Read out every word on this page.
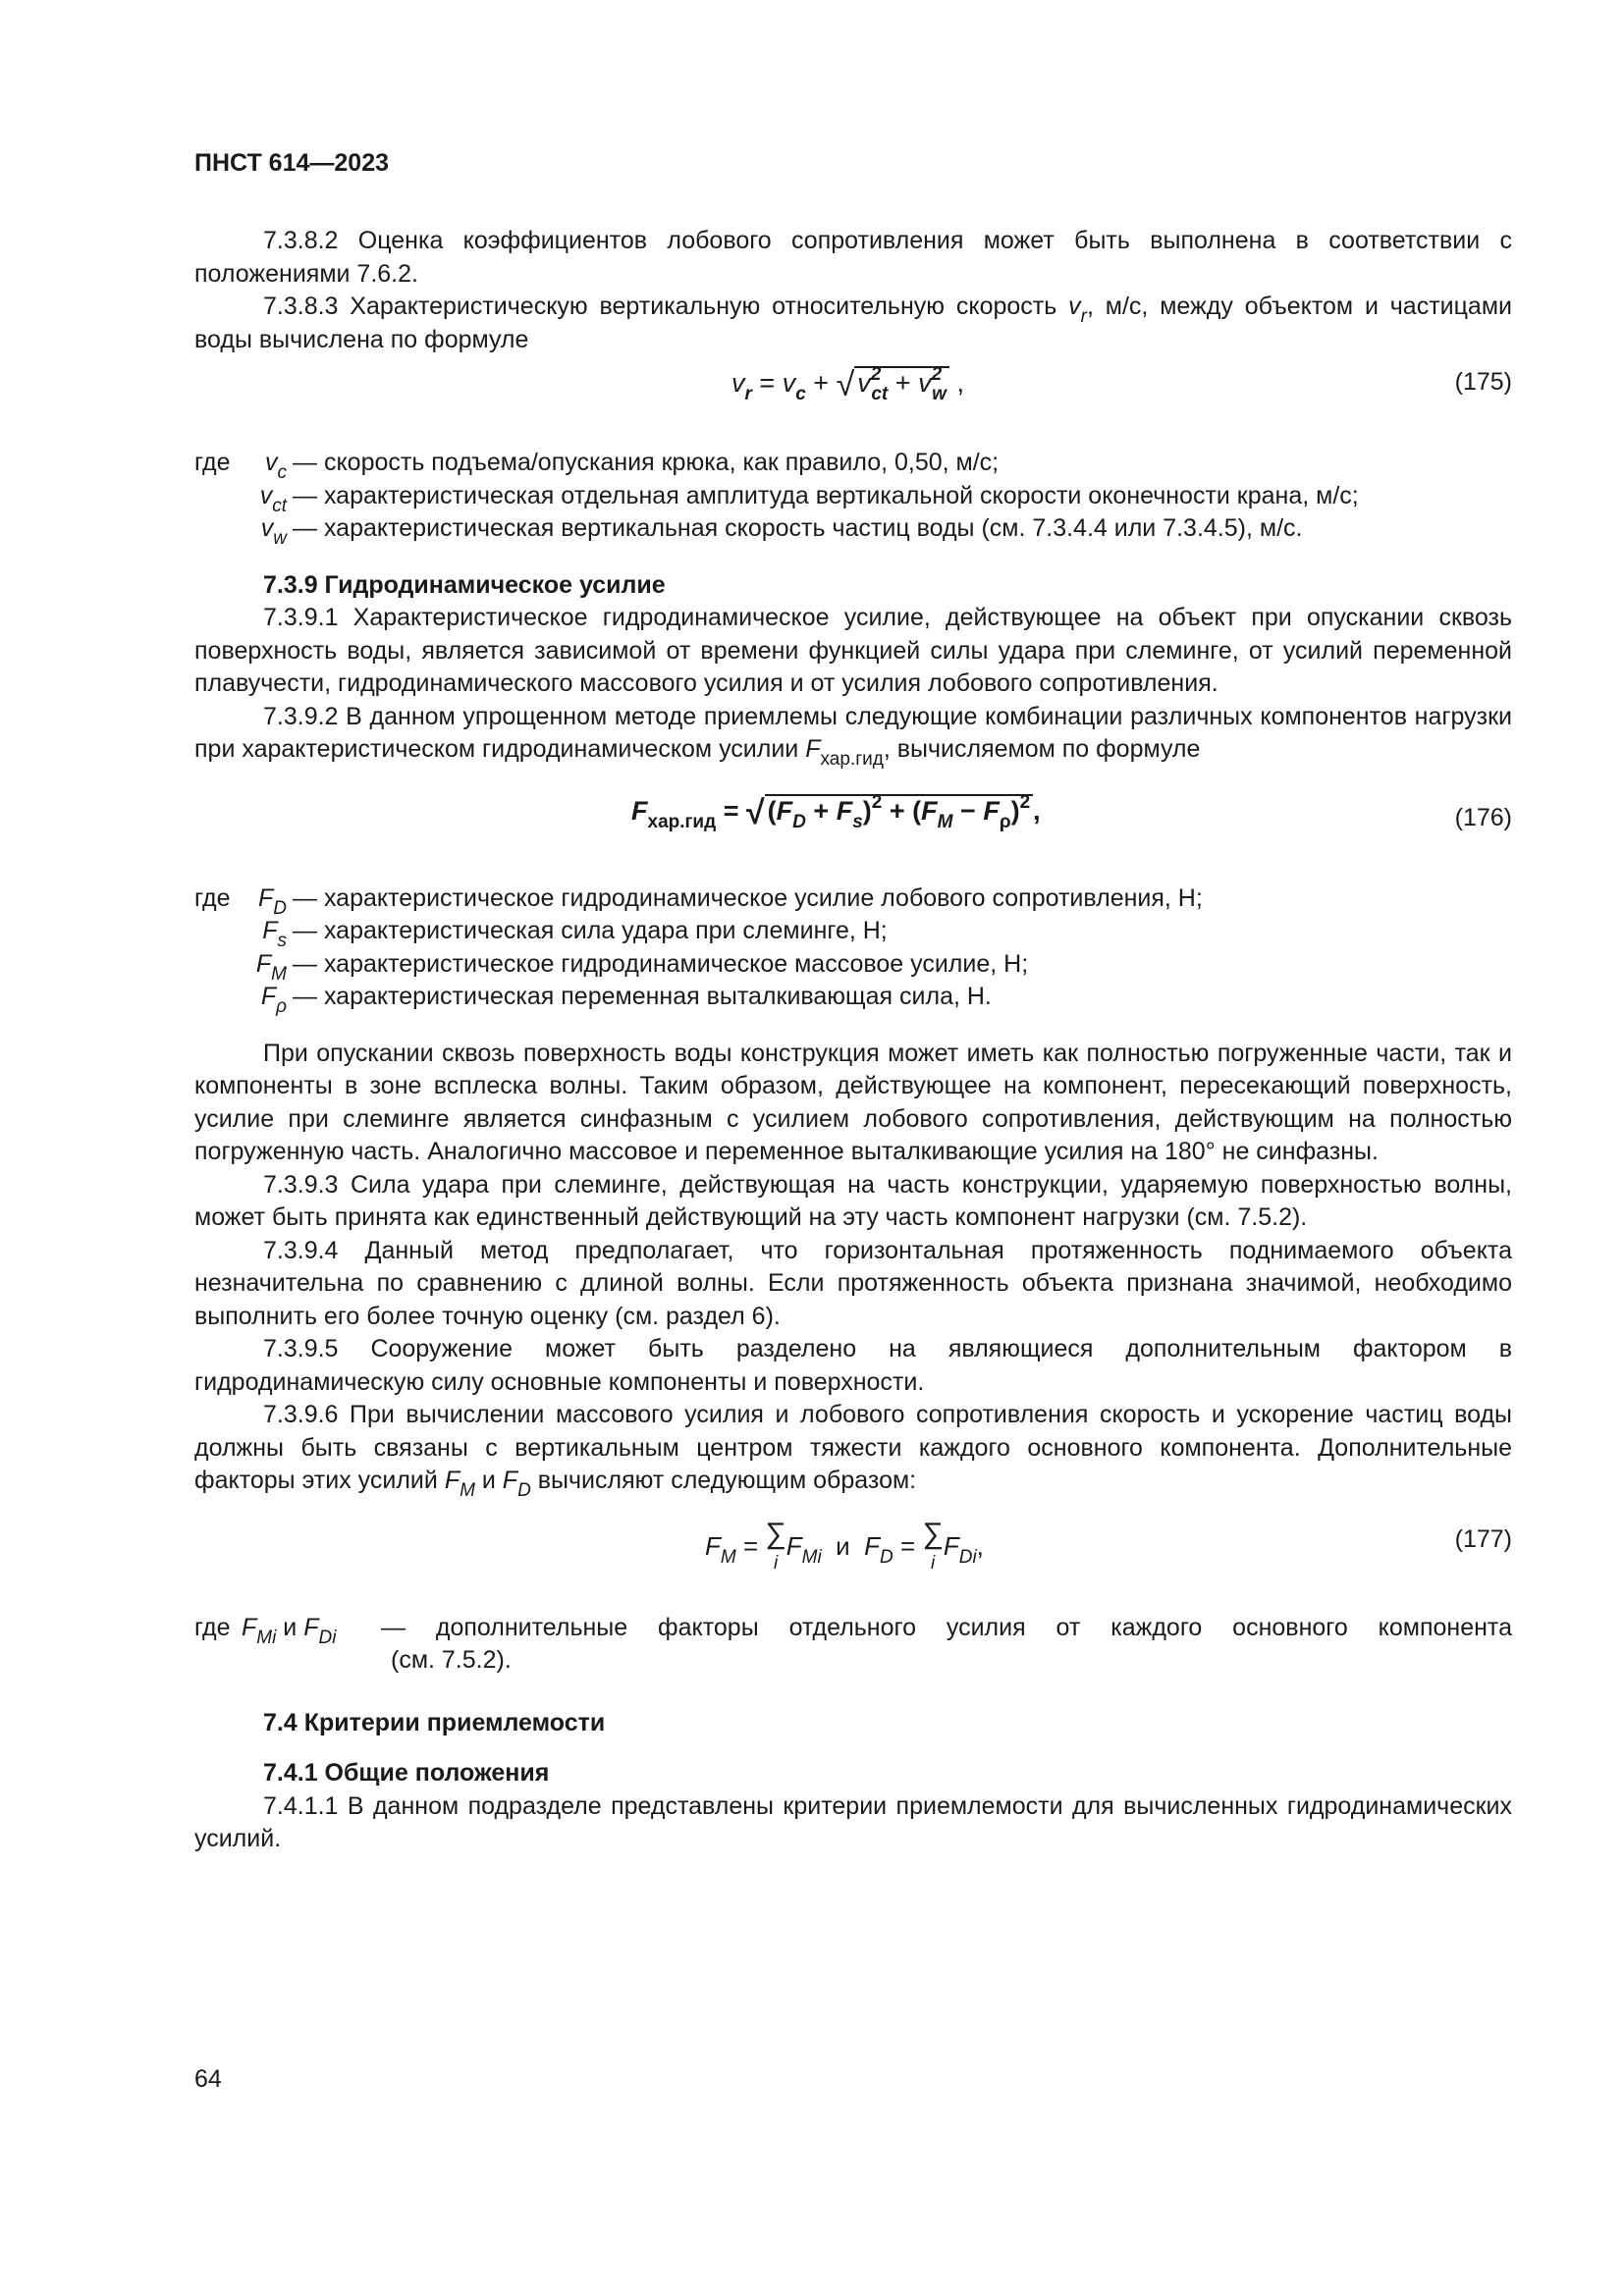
ПНСТ 614—2023

7.3.8.2 Оценка коэффициентов лобового сопротивления может быть выполнена в соответствии с положениями 7.6.2.

7.3.8.3 Характеристическую вертикальную относительную скорость $v_r$, м/с, между объектом и частицами воды вычислена по формуле

$v_r = v_c$ + √ $v^2_{ct} + v^2_w$ ,	(175)
где	$v_c$ — скорость подъема/опускания крюка, как правило, 0,50, м/с;
$v_{ct}$ — характеристическая отдельная амплитуда вертикальной скорости оконечности крана, м/с;
$v_w$ — характеристическая вертикальная скорость частиц воды (см. 7.3.4.4 или 7.3.4.5), м/с.
7.3.9 Гидродинамическое усилие

7.3.9.1 Характеристическое гидродинамическое усилие, действующее на объект при опускании сквозь поверхность воды, является зависимой от времени функцией силы удара при слеминге, от усилий переменной плавучести, гидродинамического массового усилия и от усилия лобового сопротивления.

7.3.9.2 В данном упрощенном методе приемлемы следующие комбинации различных компонентов нагрузки при характеристическом гидродинамическом усилии $F_{хар.гид}$, вычисляемом по формуле

$F_{хар.гид}$ = √ $(F_D + F_s)^2 + (F_M - F_\rho)^2$ ,	(176)
где	$F_D$ — характеристическое гидродинамическое усилие лобового сопротивления, Н;
$F_s$ — характеристическая сила удара при слеминге, Н;
$F_M$ — характеристическое гидродинамическое массовое усилие, Н;
$F_\rho$ — характеристическая переменная выталкивающая сила, Н.

При опускании сквозь поверхность воды конструкция может иметь как полностью погруженные части, так и компоненты в зоне всплеска волны. Таким образом, действующее на компонент, пересекающий поверхность, усилие при слеминге является синфазным с усилием лобового сопротивления, действующим на полностью погруженную часть. Аналогично массовое и переменное выталкивающие усилия на 180° не синфазны.

7.3.9.3 Сила удара при слеминге, действующая на часть конструкции, ударяемую поверхностью волны, может быть принята как единственный действующий на эту часть компонент нагрузки (см. 7.5.2).

7.3.9.4 Данный метод предполагает, что горизонтальная протяженность поднимаемого объекта незначительна по сравнению с длиной волны. Если протяженность объекта признана значимой, необходимо выполнить его более точную оценку (см. раздел 6).

7.3.9.5 Сооружение может быть разделено на являющиеся дополнительным фактором в гидродинамическую силу основные компоненты и поверхности.

7.3.9.6 При вычислении массового усилия и лобового сопротивления скорость и ускорение частиц воды должны быть связаны с вертикальным центром тяжести каждого основного компонента. Дополнительные факторы этих усилий $F_M$ и $F_D$ вычисляют следующим образом:

$F_M$ = ∑
$iF_{Mi}$ и $F_D$ = ∑
$iF_{Di}$,	(177)
где $F_{Mi}$ и $F_{Di}$ — дополнительные факторы отдельного усилия от каждого основного компонента
(см. 7.5.2).
7.4 Критерии приемлемости
7.4.1 Общие положения

7.4.1.1 В данном подразделе представлены критерии приемлемости для вычисленных гидродинамических усилий.

64
